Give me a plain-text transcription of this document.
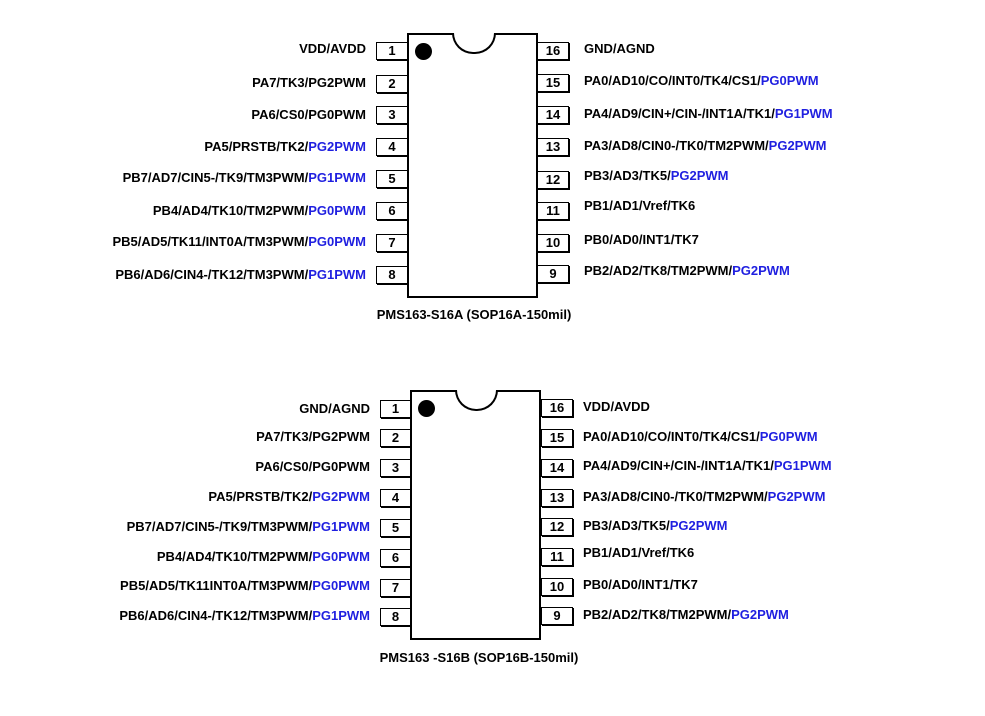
1
2
3
4
5
6
7
8
VDD/AVDD
PA7/TK3/PG2PWM
PA6/CS0/PG0PWM
PA5/PRSTB/TK2/PG2PWM
PB7/AD7/CIN5-/TK9/TM3PWM/PG1PWM
PB4/AD4/TK10/TM2PWM/PG0PWM
PB5/AD5/TK11/INT0A/TM3PWM/PG0PWM
PB6/AD6/CIN4-/TK12/TM3PWM/PG1PWM
16
15
14
13
12
11
10
9
GND/AGND
PA0/AD10/CO/INT0/TK4/CS1/PG0PWM
PA4/AD9/CIN+/CIN-/INT1A/TK1/PG1PWM
PA3/AD8/CIN0-/TK0/TM2PWM/PG2PWM
PB3/AD3/TK5/PG2PWM
PB1/AD1/Vref/TK6
PB0/AD0/INT1/TK7
PB2/AD2/TK8/TM2PWM/PG2PWM
PMS163-S16A (SOP16A-150mil)
1
2
3
4
5
6
7
8
GND/AGND
PA7/TK3/PG2PWM
PA6/CS0/PG0PWM
PA5/PRSTB/TK2/PG2PWM
PB7/AD7/CIN5-/TK9/TM3PWM/PG1PWM
PB4/AD4/TK10/TM2PWM/PG0PWM
PB5/AD5/TK11INT0A/TM3PWM/PG0PWM
PB6/AD6/CIN4-/TK12/TM3PWM/PG1PWM
16
15
14
13
12
11
10
9
VDD/AVDD
PA0/AD10/CO/INT0/TK4/CS1/PG0PWM
PA4/AD9/CIN+/CIN-/INT1A/TK1/PG1PWM
PA3/AD8/CIN0-/TK0/TM2PWM/PG2PWM
PB3/AD3/TK5/PG2PWM
PB1/AD1/Vref/TK6
PB0/AD0/INT1/TK7
PB2/AD2/TK8/TM2PWM/PG2PWM
PMS163 -S16B (SOP16B-150mil)
